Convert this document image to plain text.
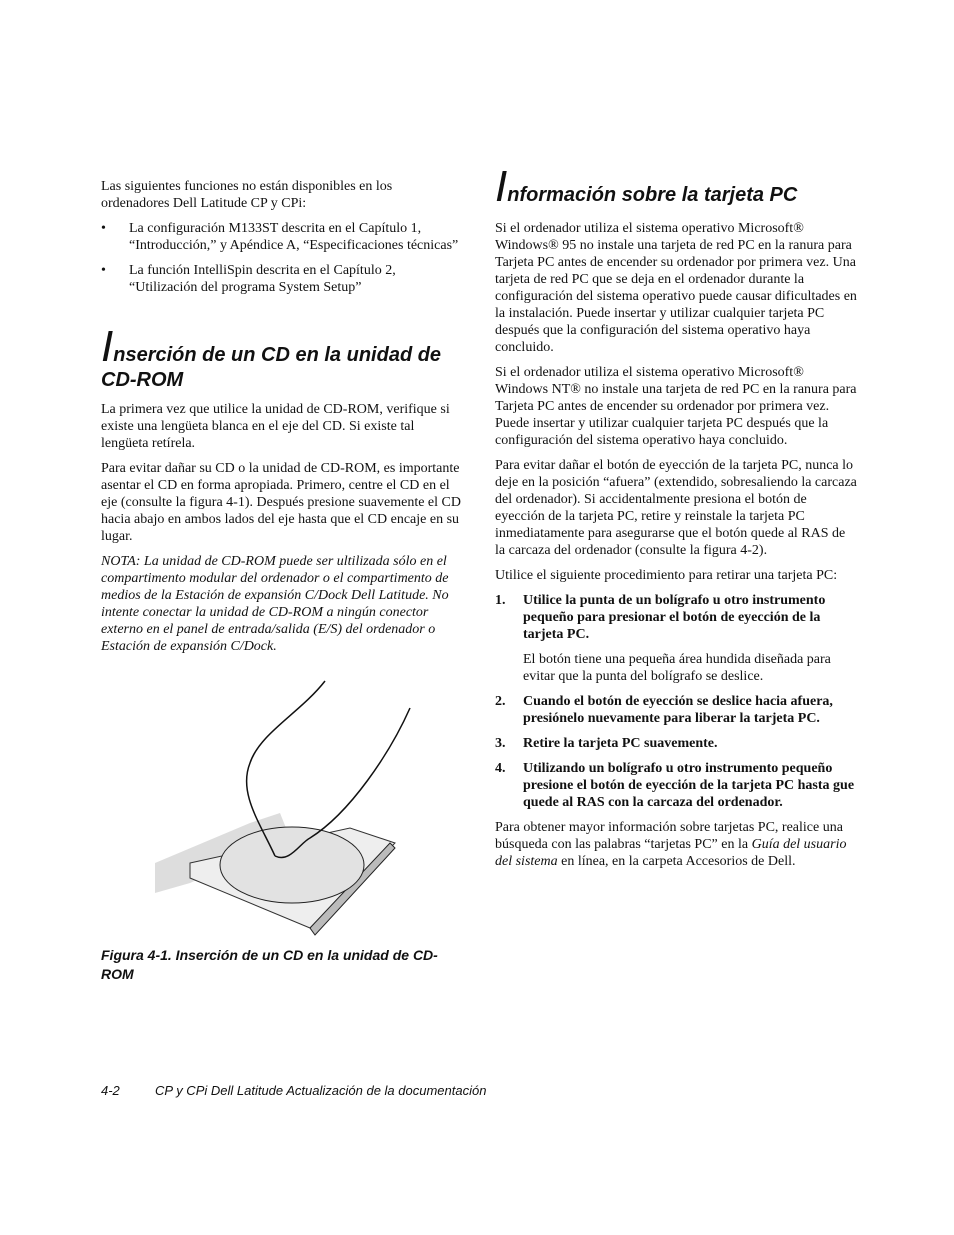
Las siguientes funciones no están disponibles en los ordenadores Dell Latitude CP y CPi:

• La configuración M133ST descrita en el Capítulo 1, “Introducción,” y Apéndice A, “Especificaciones técnicas”

• La función IntelliSpin descrita en el Capítulo 2, “Utilización del programa System Setup”

Inserción de un CD en la unidad de CD-ROM

La primera vez que utilice la unidad de CD-ROM, verifique si existe una lengüeta blanca en el eje del CD. Si existe tal lengüeta retírela.

Para evitar dañar su CD o la unidad de CD-ROM, es importante asentar el CD en forma apropiada. Primero, centre el CD en el eje (consulte la figura 4-1). Después presione suavemente el CD hacia abajo en ambos lados del eje hasta que el CD encaje en su lugar.

NOTA: La unidad de CD-ROM puede ser ultilizada sólo en el compartimento modular del ordenador o el compartimento de medios de la Estación de expansión C/Dock Dell Latitude. No intente conectar la unidad de CD-ROM a ningún conector externo en el panel de entrada/salida (E/S) del ordenador o Estación de expansión C/Dock.

Figura 4-1. Inserción de un CD en la unidad de CD-ROM

Información sobre la tarjeta PC

Si el ordenador utiliza el sistema operativo Microsoft® Windows® 95 no instale una tarjeta de red PC en la ranura para Tarjeta PC antes de encender su ordenador por primera vez. Una tarjeta de red PC que se deja en el ordenador durante la configuración del sistema operativo puede causar dificultades en la instalación. Puede insertar y utilizar cualquier tarjeta PC después que la configuración del sistema operativo haya concluido.

Si el ordenador utiliza el sistema operativo Microsoft® Windows NT® no instale una tarjeta de red PC en la ranura para Tarjeta PC antes de encender su ordenador por primera vez. Puede insertar y utilizar cualquier tarjeta PC después que la configuración del sistema operativo haya concluido.

Para evitar dañar el botón de eyección de la tarjeta PC, nunca lo deje en la posición “afuera” (extendido, sobresaliendo la carcaza del ordenador). Si accidentalmente presiona el botón de eyección de la tarjeta PC, retire y reinstale la tarjeta PC inmediatamente para asegurarse que el botón quede al RAS de la carcaza del ordenador (consulte la figura 4-2).

Utilice el siguiente procedimiento para retirar una tarjeta PC:

1. Utilice la punta de un bolígrafo u otro instrumento pequeño para presionar el botón de eyección de la tarjeta PC.

El botón tiene una pequeña área hundida diseñada para evitar que la punta del bolígrafo se deslice.

2. Cuando el botón de eyección se deslice hacia afuera, presiónelo nuevamente para liberar la tarjeta PC.
3. Retire la tarjeta PC suavemente.
4. Utilizando un bolígrafo u otro instrumento pequeño presione el botón de eyección de la tarjeta PC hasta gue quede al RAS con la carcaza del ordenador.

Para obtener mayor información sobre tarjetas PC, realice una búsqueda con las palabras “tarjetas PC” en la Guía del usuario del sistema en línea, en la carpeta Accesorios de Dell.

4-2	CP y CPi Dell Latitude Actualización de la documentación
